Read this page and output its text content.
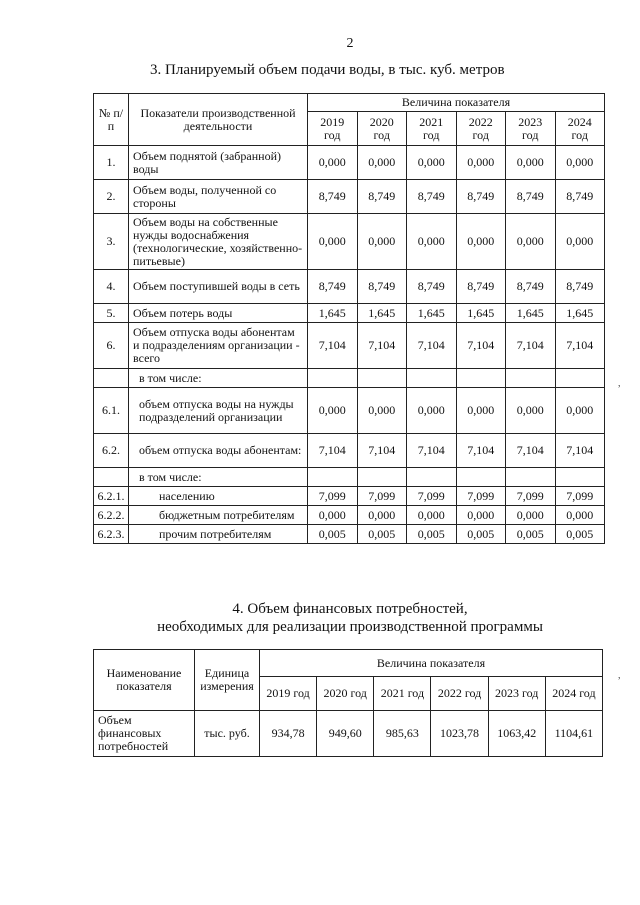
2
3. Планируемый объем подачи воды, в тыс. куб. метров
№ п/п	Показатели производственной деятельности	Величина показателя					
		2019 год	2020 год	2021 год	2022 год	2023 год	2024 год
1.	Объем поднятой (забранной) воды	0,000	0,000	0,000	0,000	0,000	0,000
2.	Объем воды, полученной со стороны	8,749	8,749	8,749	8,749	8,749	8,749
3.	Объем воды на собственные нужды водоснабжения (технологические, хозяйственно-питьевые)	0,000	0,000	0,000	0,000	0,000	0,000
4.	Объем поступившей воды в сеть	8,749	8,749	8,749	8,749	8,749	8,749
5.	Объем потерь воды	1,645	1,645	1,645	1,645	1,645	1,645
6.	Объем отпуска воды абонентам и подразделениям организации - всего	7,104	7,104	7,104	7,104	7,104	7,104
	в том числе:						
6.1.	объем отпуска воды на нужды подразделений организации	0,000	0,000	0,000	0,000	0,000	0,000
6.2.	объем отпуска воды абонентам:	7,104	7,104	7,104	7,104	7,104	7,104
	в том числе:						
6.2.1.	населению	7,099	7,099	7,099	7,099	7,099	7,099
6.2.2.	бюджетным потребителям	0,000	0,000	0,000	0,000	0,000	0,000
6.2.3.	прочим потребителям	0,005	0,005	0,005	0,005	0,005	0,005
4. Объем финансовых потребностей,
необходимых для реализации производственной программы
Наименование показателя	Единица измерения	Величина показателя					
		2019 год	2020 год	2021 год	2022 год	2023 год	2024 год
Объем финансовых потребностей	тыс. руб.	934,78	949,60	985,63	1023,78	1063,42	1104,61
,
,
